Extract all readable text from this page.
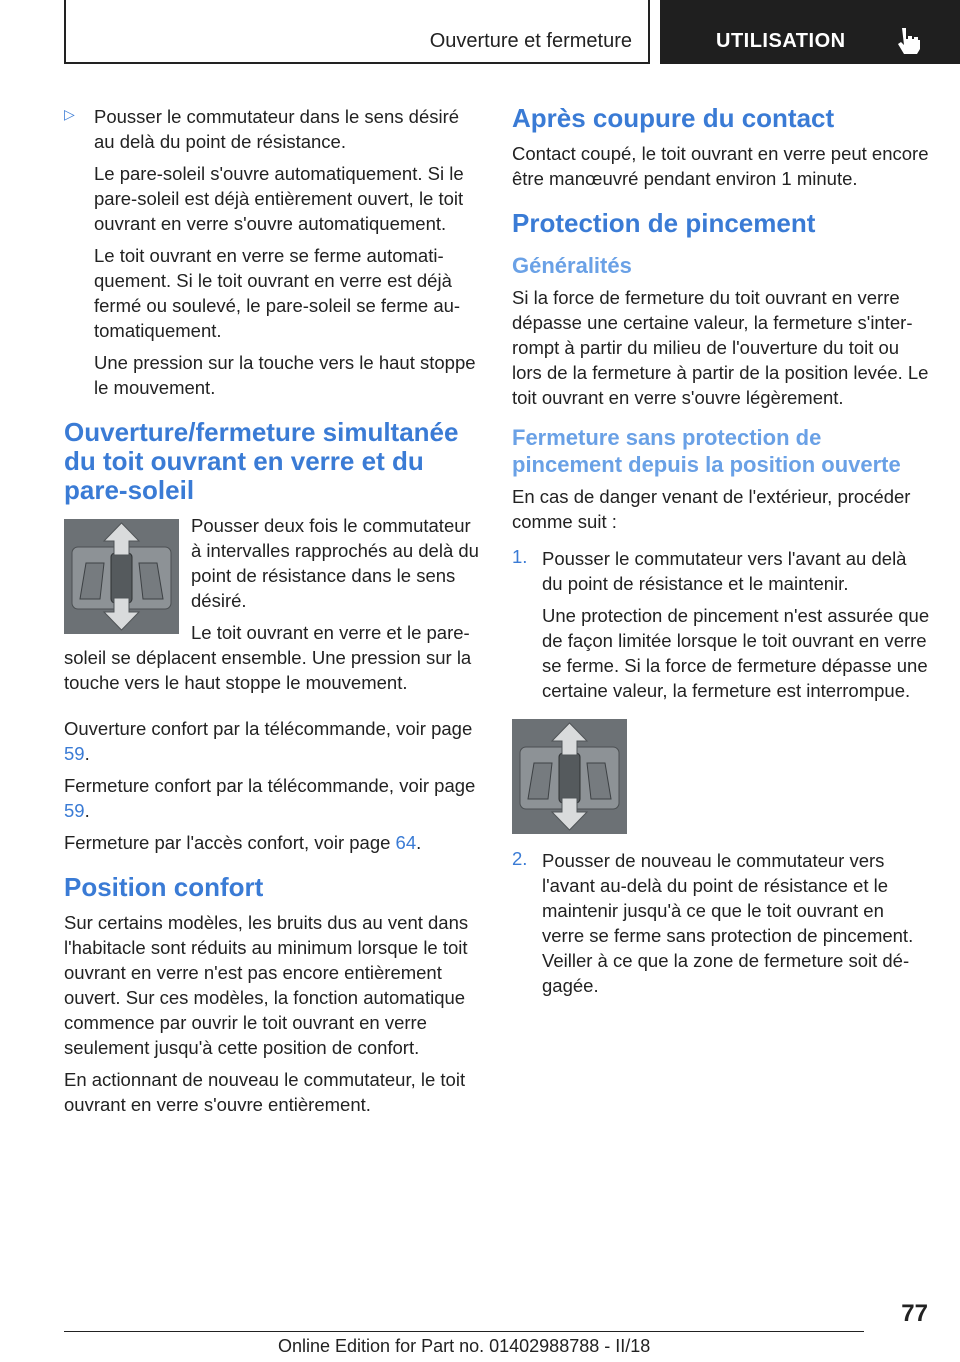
Ouverture et fermeture	UTILISATION
▷ Pousser le commutateur dans le sens désiré au delà du point de résistance.

Le pare-soleil s'ouvre automatiquement. Si le pare-soleil est déjà entièrement ouvert, le toit ouvrant en verre s'ouvre automatiquement.

Le toit ouvrant en verre se ferme automatiquement. Si le toit ouvrant en verre est déjà fermé ou soulevé, le pare-soleil se ferme automatiquement.

Une pression sur la touche vers le haut stoppe le mouvement.

Ouverture/fermeture simultanée du toit ouvrant en verre et du pare-soleil

Pousser deux fois le commutateur à intervalles rapprochés au delà du point de résistance dans le sens désiré.

Le toit ouvrant en verre et le pare-soleil se déplacent ensemble. Une pression sur la touche vers le haut stoppe le mouvement.

Ouverture confort par la télécommande, voir page 59.

Fermeture confort par la télécommande, voir page 59.

Fermeture par l'accès confort, voir page 64.

Position confort

Sur certains modèles, les bruits dus au vent dans l'habitacle sont réduits au minimum lorsque le toit ouvrant en verre n'est pas encore entièrement ouvert. Sur ces modèles, la fonction automatique commence par ouvrir le toit ouvrant en verre seulement jusqu'à cette position de confort.

En actionnant de nouveau le commutateur, le toit ouvrant en verre s'ouvre entièrement.

Après coupure du contact

Contact coupé, le toit ouvrant en verre peut encore être manœuvré pendant environ 1 minute.

Protection de pincement
Généralités

Si la force de fermeture du toit ouvrant en verre dépasse une certaine valeur, la fermeture s'interrompt à partir du milieu de l'ouverture du toit ou lors de la fermeture à partir de la position levée. Le toit ouvrant en verre s'ouvre légèrement.

Fermeture sans protection de pincement depuis la position ouverte

En cas de danger venant de l'extérieur, procéder comme suit :

1. Pousser le commutateur vers l'avant au delà du point de résistance et le maintenir.

Une protection de pincement n'est assurée que de façon limitée lorsque le toit ouvrant en verre se ferme. Si la force de fermeture dépasse une certaine valeur, la fermeture est interrompue.

2. Pousser de nouveau le commutateur vers l'avant au-delà du point de résistance et le maintenir jusqu'à ce que le toit ouvrant en verre se ferme sans protection de pincement. Veiller à ce que la zone de fermeture soit dégagée.

77
Online Edition for Part no. 01402988788 - II/18
